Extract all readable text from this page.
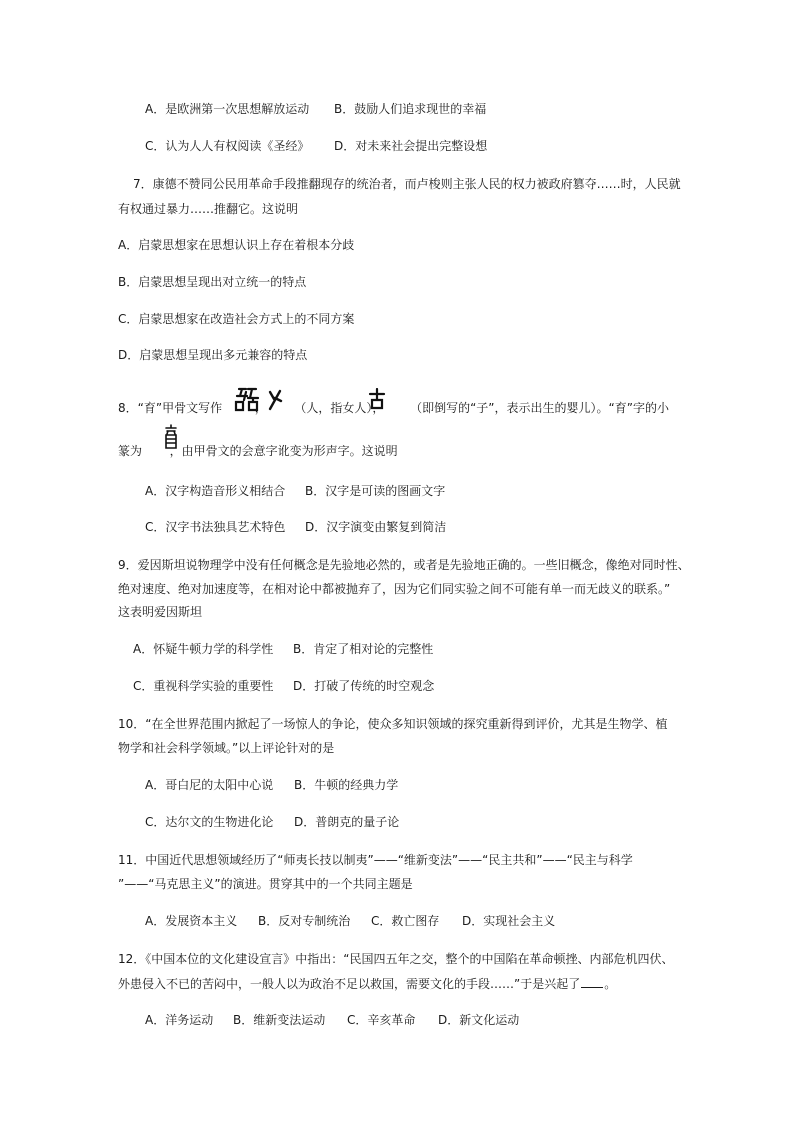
A．是欧洲第一次思想解放运动 B．鼓励人们追求现世的幸福
C．认为人人有权阅读《圣经》 D．对未来社会提出完整设想
7．康德不赞同公民用革命手段推翻现存的统治者，而卢梭则主张人民的权力被政府篡夺……时，人民就
有权通过暴力……推翻它。这说明
A．启蒙思想家在思想认识上存在着根本分歧
B．启蒙思想呈现出对立统一的特点
C．启蒙思想家在改造社会方式上的不同方案
D．启蒙思想呈现出多元兼容的特点
8．“育”甲骨文写作	， （人，指女人）， （即倒写的“子”，表示出生的婴儿）。“育”字的小
篆为 ，由甲骨文的会意字讹变为形声字。这说明
A．汉字构造音形义相结合 B．汉字是可读的图画文字
C．汉字书法独具艺术特色 D．汉字演变由繁复到简洁
9．爱因斯坦说物理学中没有任何概念是先验地必然的，或者是先验地正确的。一些旧概念，像绝对同时性、
绝对速度、绝对加速度等，在相对论中都被抛弃了，因为它们同实验之间不可能有单一而无歧义的联系。”
这表明爱因斯坦
A．怀疑牛顿力学的科学性 B．肯定了相对论的完整性
C．重视科学实验的重要性 D．打破了传统的时空观念
10．“在全世界范围内掀起了一场惊人的争论，使众多知识领域的探究重新得到评价，尤其是生物学、植
物学和社会科学领域。”以上评论针对的是
A．哥白尼的太阳中心说 B．牛顿的经典力学
C．达尔文的生物进化论 D．普朗克的量子论
11．中国近代思想领域经历了“师夷长技以制夷”——“维新变法”——“民主共和”——“民主与科学
”——“马克思主义”的演进。贯穿其中的一个共同主题是
A．发展资本主义 B．反对专制统治 C．救亡图存 D．实现社会主义
12．《中国本位的文化建设宣言》中指出：“民国四五年之交，整个的中国陷在革命顿挫、内部危机四伏、
外患侵入不已的苦闷中，一般人以为政治不足以救国，需要文化的手段……”于是兴起了 。
A．洋务运动 B．维新变法运动 C．辛亥革命 D．新文化运动
